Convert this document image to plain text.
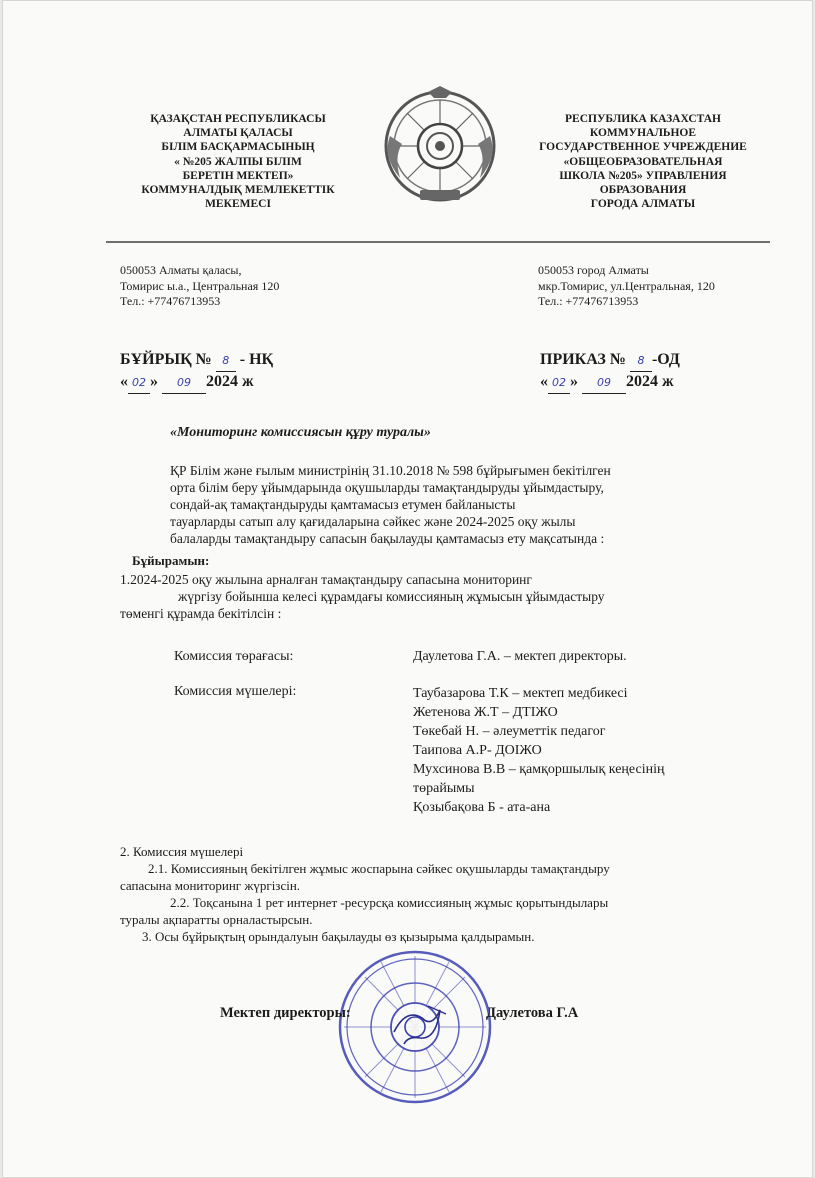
ҚАЗАҚСТАН РЕСПУБЛИКАСЫ
АЛМАТЫ ҚАЛАСЫ
БІЛІМ БАСҚАРМАСЫНЫҢ
« №205 ЖАЛПЫ БІЛІМ
БЕРЕТІН МЕКТЕП»
КОММУНАЛДЫҚ МЕМЛЕКЕТТІК
МЕКЕМЕСІ
РЕСПУБЛИКА КАЗАХСТАН
КОММУНАЛЬНОЕ
ГОСУДАРСТВЕННОЕ УЧРЕЖДЕНИЕ
«ОБЩЕОБРАЗОВАТЕЛЬНАЯ
ШКОЛА №205» УПРАВЛЕНИЯ
ОБРАЗОВАНИЯ
ГОРОДА АЛМАТЫ
050053 Алматы қаласы,
Томирис ы.а., Центральная 120
Тел.: +77476713953
050053 город Алматы
мкр.Томирис, ул.Центральная, 120
Тел.: +77476713953
БҰЙРЫҚ № 8 - НҚ
« 02 » 09 2024 ж
ПРИКАЗ № 8 -ОД
« 02 » 09 2024 ж
«Мониторинг комиссиясын құру туралы»
ҚР Білім және ғылым министрінің 31.10.2018 № 598 бұйрығымен бекітілген
орта білім беру ұйымдарында оқушыларды тамақтандыруды ұйымдастыру,
сондай-ақ тамақтандыруды қамтамасыз етумен байланысты
тауарларды сатып алу қағидаларына сәйкес және 2024-2025 оқу жылы
балаларды тамақтандыру сапасын бақылауды қамтамасыз ету мақсатында :
Бұйырамын:
1.2024-2025 оқу жылына арналған тамақтандыру сапасына мониторинг
жүргізу бойынша келесі құрамдағы комиссияның жұмысын ұйымдастыру
төменгі құрамда бекітілсін :
Комиссия төрағасы:	Даулетова Г.А. – мектеп директоры.
Комиссия мүшелері:	Таубазарова Т.К – мектеп медбикесі
Жетенова Ж.Т – ДТІЖО
Төкебай Н. – әлеуметтік педагог
Таипова А.Р- ДОІЖО
Мухсинова В.В – қамқоршылық кеңесінің
төрайымы
Қозыбақова Б - ата-ана
2. Комиссия мүшелері
2.1. Комиссияның бекітілген жұмыс жоспарына сәйкес оқушыларды тамақтандыру
сапасына мониторинг жүргізсін.
2.2. Тоқсанына 1 рет интернет -ресурсқа комиссияның жұмыс қорытындылары
туралы ақпаратты орналастырсын.
3. Осы бұйрықтың орындалуын бақылауды өз қызырыма қалдырамын.
Мектеп директоры:	Даулетова Г.А
